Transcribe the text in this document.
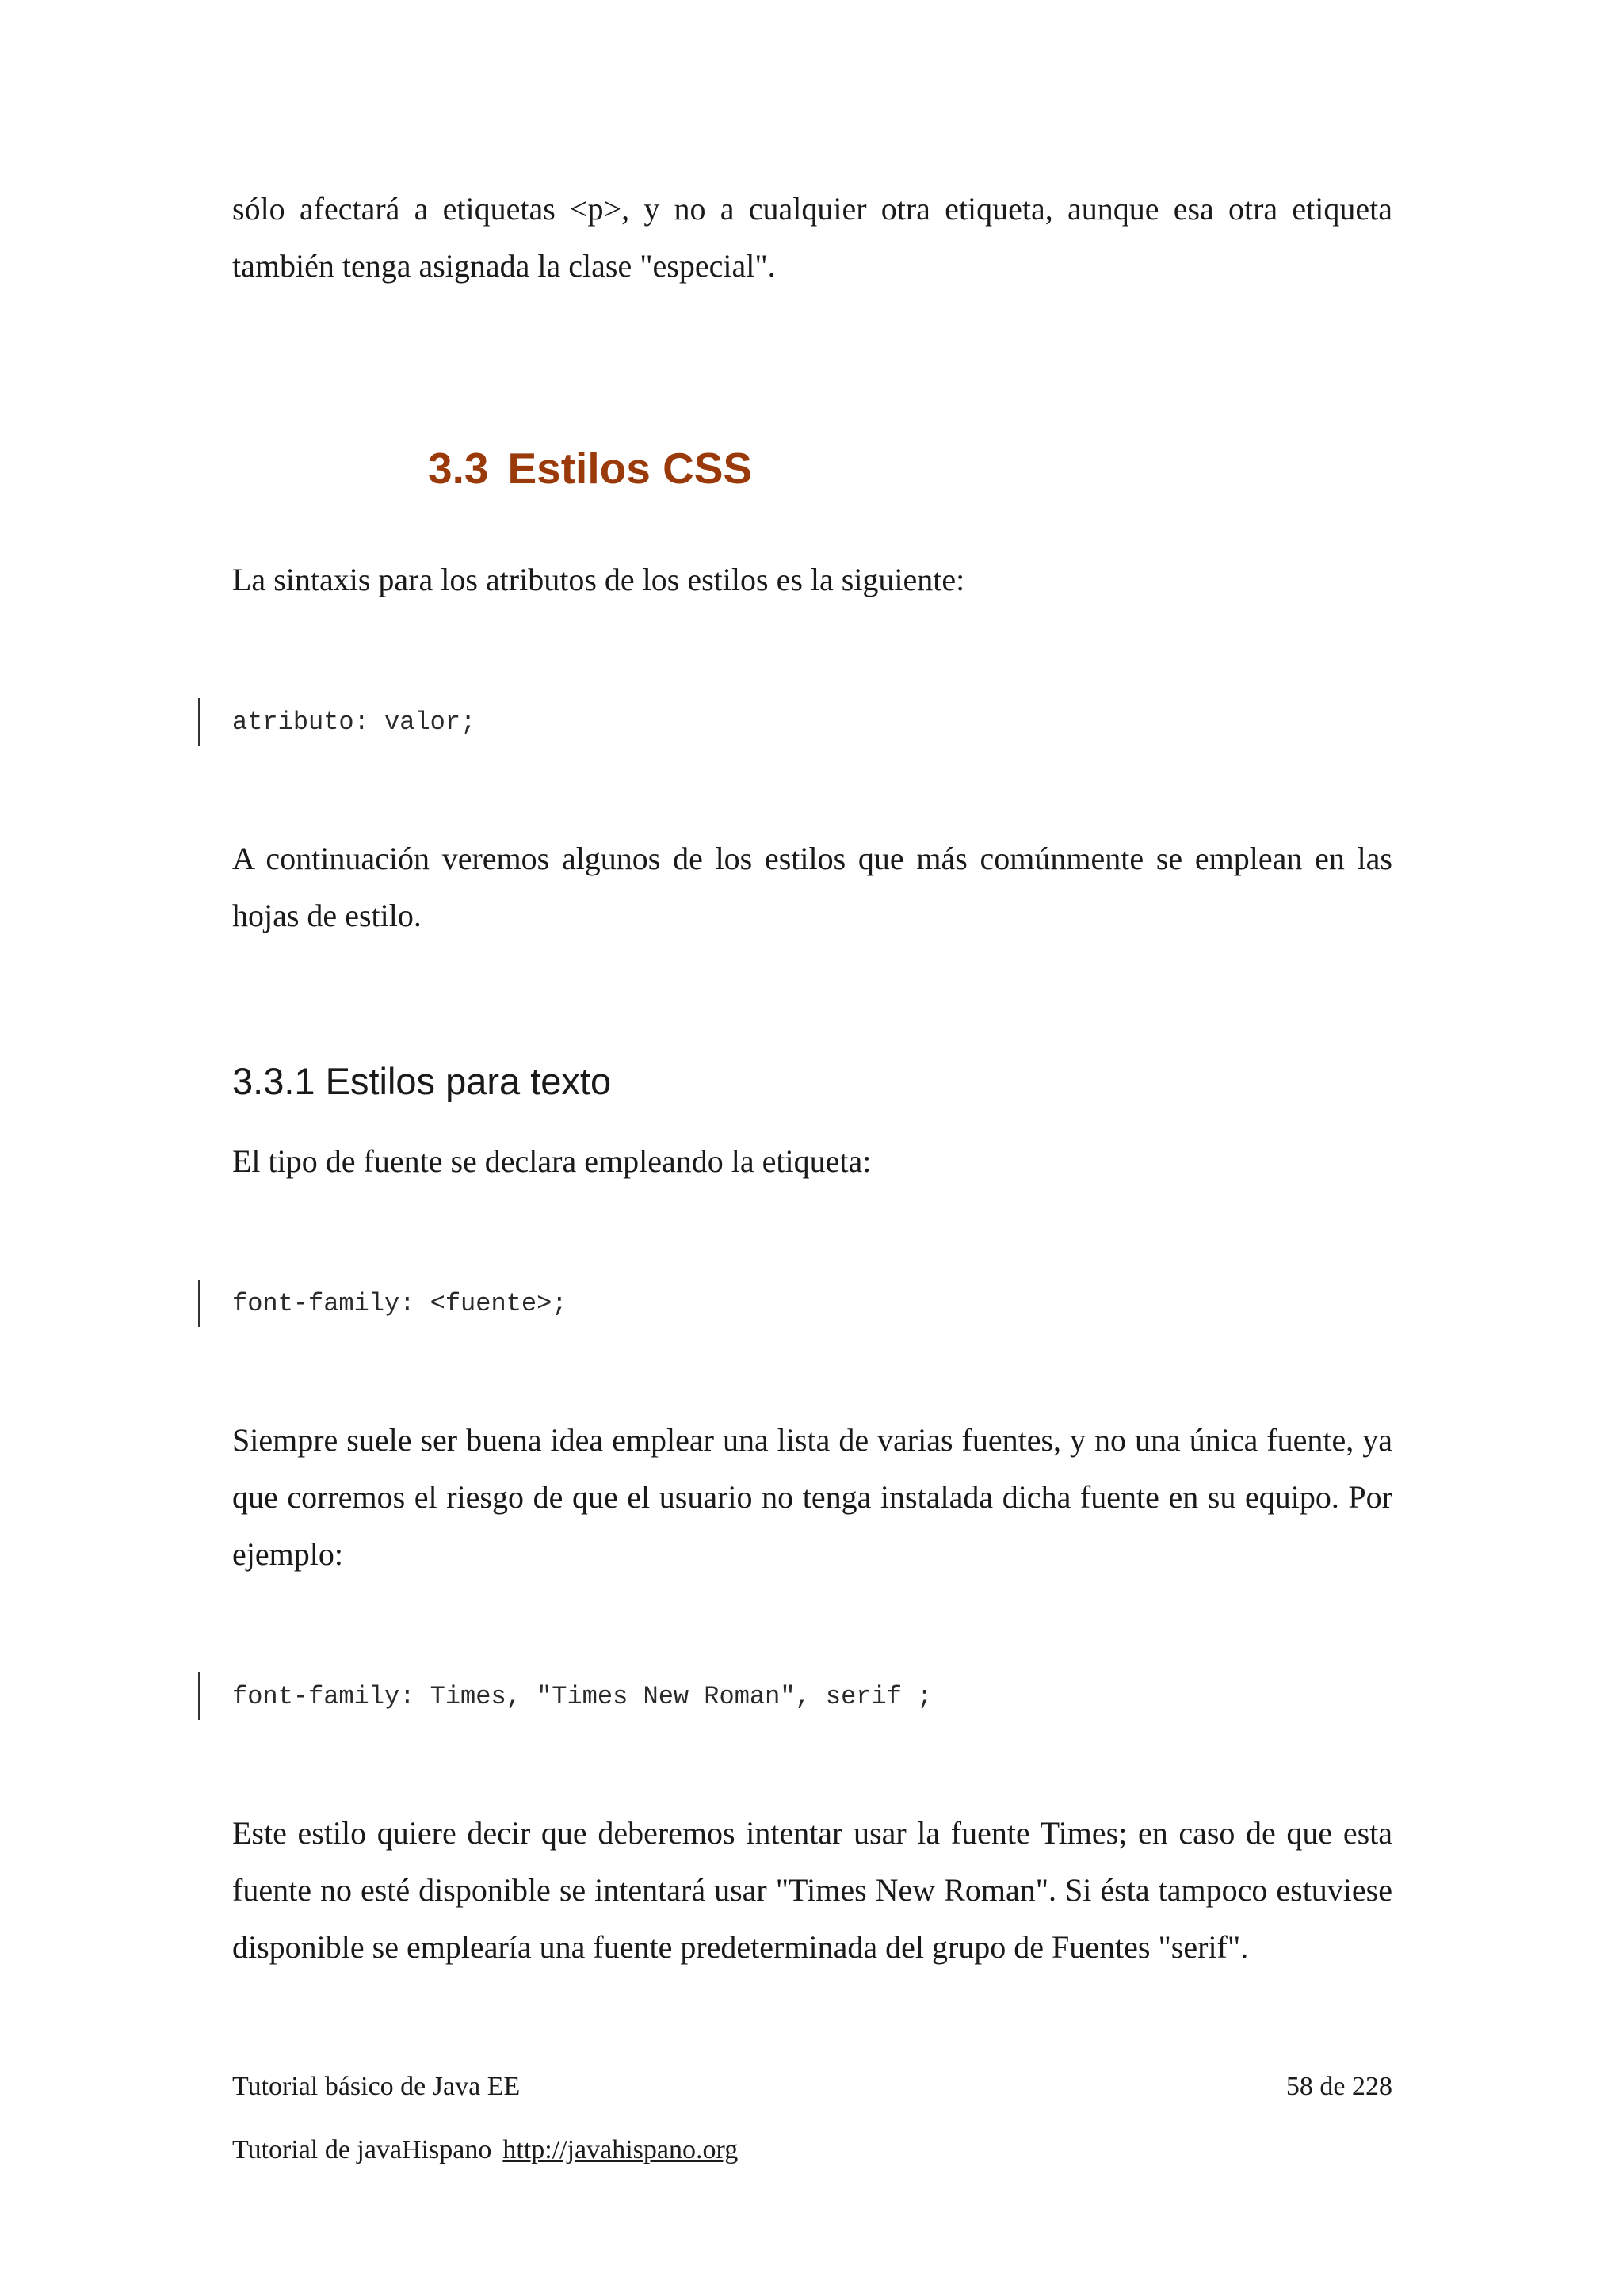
sólo afectará a etiquetas <p>, y no a cualquier otra etiqueta, aunque esa otra etiqueta también tenga asignada la clase "especial".

3.3 Estilos CSS

La sintaxis para los atributos de los estilos es la siguiente:

atributo: valor;

A continuación veremos algunos de los estilos que más comúnmente se emplean en las hojas de estilo.

3.3.1 Estilos para texto

El tipo de fuente se declara empleando la etiqueta:

font-family: <fuente>;

Siempre suele ser buena idea emplear una lista de varias fuentes, y no una única fuente, ya que corremos el riesgo de que el usuario no tenga instalada dicha fuente en su equipo. Por ejemplo:

font-family: Times, "Times New Roman", serif ;

Este estilo quiere decir que deberemos intentar usar la fuente Times; en caso de que esta fuente no esté disponible se intentará usar "Times New Roman". Si ésta tampoco estuviese disponible se emplearía una fuente predeterminada del grupo de Fuentes "serif".

Tutorial básico de Java EE	58 de 228
Tutorial de javaHispano http://javahispano.org
